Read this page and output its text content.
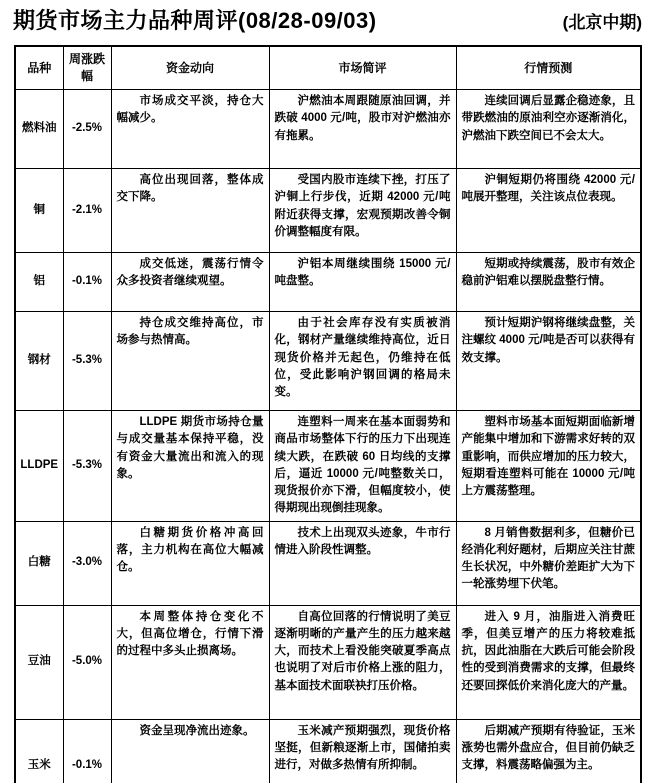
期货市场主力品种周评(08/28-09/03)	(北京中期)
品种	周涨跌幅	资金动向	市场简评	行情预测
燃料油	-2.5%	市场成交平淡，持仓大幅减少。	沪燃油本周跟随原油回调，并跌破 4000 元/吨，股市对沪燃油亦有拖累。	连续回调后显露企稳迹象，且带跌燃油的原油利空亦逐渐消化，沪燃油下跌空间已不会太大。
铜	-2.1%	高位出现回落，整体成交下降。	受国内股市连续下挫，打压了沪铜上行步伐，近期 42000 元/吨附近获得支撑，宏观预期改善令铜价调整幅度有限。	沪铜短期仍将围绕 42000 元/吨展开整理，关注该点位表现。
铝	-0.1%	成交低迷，震荡行情令众多投资者继续观望。	沪铝本周继续围绕 15000 元/吨盘整。	短期或持续震荡，股市有效企稳前沪铝难以摆脱盘整行情。
钢材	-5.3%	持仓成交维持高位，市场参与热情高。	由于社会库存没有实质被消化，钢材产量继续维持高位，近日现货价格并无起色，仍维持在低位，受此影响沪钢回调的格局未变。	预计短期沪钢将继续盘整，关注螺纹 4000 元/吨是否可以获得有效支撑。
LLDPE	-5.3%	LLDPE 期货市场持仓量与成交量基本保持平稳，没有资金大量流出和流入的现象。	连塑料一周来在基本面弱势和商品市场整体下行的压力下出现连续大跌，在跌破 60 日均线的支撑后，逼近 10000 元/吨整数关口，现货报价亦下滑，但幅度较小，使得期现出现倒挂现象。	塑料市场基本面短期面临新增产能集中增加和下游需求好转的双重影响，而供应增加的压力较大，短期看连塑料可能在 10000 元/吨上方震荡整理。
白糖	-3.0%	白糖期货价格冲高回落，主力机构在高位大幅减仓。	技术上出现双头迹象，牛市行情进入阶段性调整。	8 月销售数据利多，但糖价已经消化利好题材，后期应关注甘蔗生长状况，中外糖价差距扩大为下一轮涨势埋下伏笔。
豆油	-5.0%	本周整体持仓变化不大，但高位增仓，行情下滑的过程中多头止损离场。	自高位回落的行情说明了美豆逐渐明晰的产量产生的压力越来越大，而技术上看没能突破夏季高点也说明了对后市价格上涨的阻力，基本面技术面联袂打压价格。	进入 9 月，油脂进入消费旺季，但美豆增产的压力将较难抵抗，因此油脂在大跌后可能会阶段性的受到消费需求的支撑，但最终还要回探低价来消化庞大的产量。
玉米	-0.1%	资金呈现净流出迹象。	玉米减产预期强烈，现货价格坚挺，但新粮逐渐上市，国储拍卖进行，对做多热情有所抑制。	后期减产预期有待验证，玉米涨势也需外盘应合，但目前仍缺乏支撑，料震荡略偏强为主。
